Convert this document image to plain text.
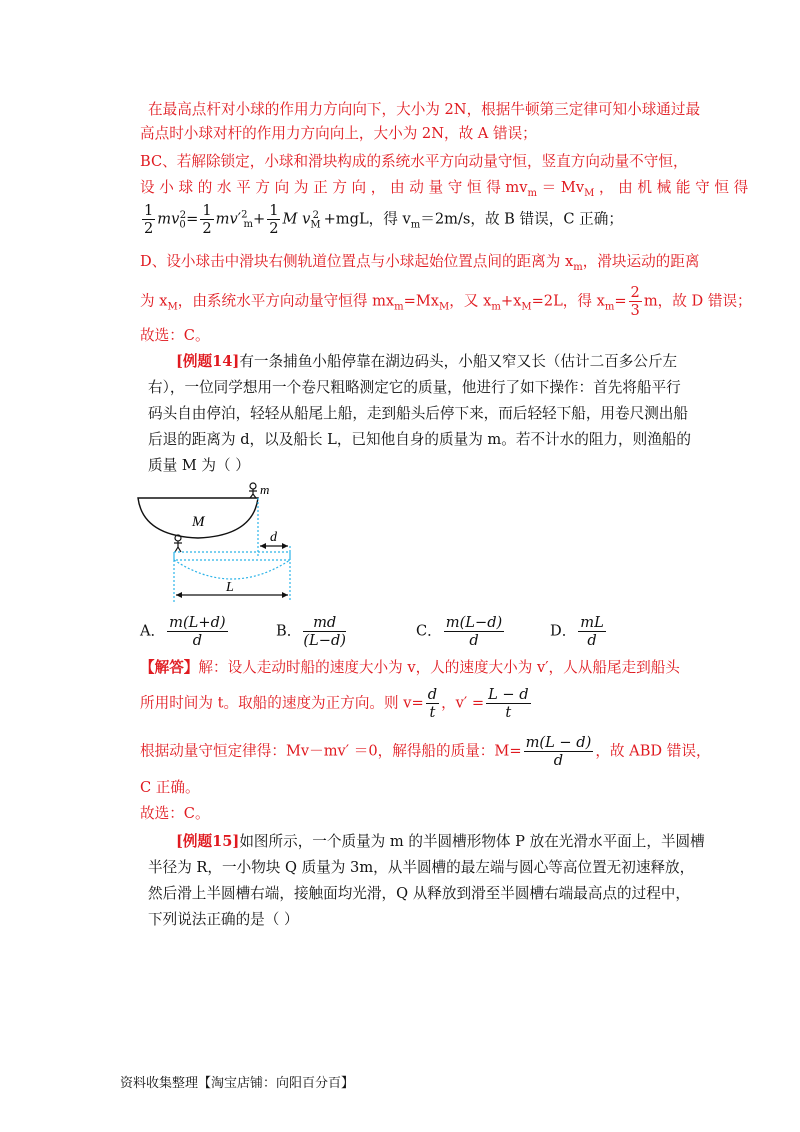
在最高点杆对小球的作用力方向向下，大小为 2N，根据牛顿第三定律可知小球通过最
高点时小球对杆的作用力方向向上，大小为 2N，故 A 错误；
BC、若解除锁定，小球和滑块构成的系统水平方向动量守恒，竖直方向动量不守恒，
设 小 球 的 水 平 方 向 为 正 方 向 ， 由 动 量 守 恒 得 $mv_m = Mv_M$ ， 由 机 械 能 守 恒 得
$\frac{1}{2} mv_0^2= \frac{1}{2} mv'^2_m+ \frac{1}{2}$ M $v_M^2 +mgL$，得 $v_m=2m/s$，故 B 错误，C 正确；
D、设小球击中滑块右侧轨道位置点与小球起始位置点间的距离为 $x_m$，滑块运动的距离
为 $x_M$，由系统水平方向动量守恒得 $mx_m=Mx_M$，又 $x_m+x_M=2L$，得 $x_m= \frac{2}{3}$ m，故 D 错误；
故选：C。
[例题14]有一条捕鱼小船停靠在湖边码头，小船又窄又长（估计二百多公斤左
右），一位同学想用一个卷尺粗略测定它的质量，他进行了如下操作：首先将船平行
码头自由停泊，轻轻从船尾上船，走到船头后停下来，而后轻轻下船，用卷尺测出船
后退的距离为 d，以及船长 L，已知他自身的质量为 m。若不计水的阻力，则渔船的
质量 M 为（ ）
M
m
d
L
A． $\frac{m(L+d)}{d}$	B． $\frac{md}{(L-d)}$	C． $\frac{m(L-d)}{d}$	D． $\frac{mL}{d}$
【解答】解：设人走动时船的速度大小为 v，人的速度大小为 v′，人从船尾走到船头
所用时间为 t。取船的速度为正方向。则 $v= \frac{d}{t}$ ，$v' = \frac{L - d}{t}$
根据动量守恒定律得：Mv－mv′ ＝0，解得船的质量：$M= \frac{m(L - d)}{d}$ ，故 ABD 错误，
C 正确。
故选：C。
[例题15]如图所示，一个质量为 m 的半圆槽形物体 P 放在光滑水平面上，半圆槽
半径为 R，一小物块 Q 质量为 3m，从半圆槽的最左端与圆心等高位置无初速释放，
然后滑上半圆槽右端，接触面均光滑，Q 从释放到滑至半圆槽右端最高点的过程中，
下列说法正确的是（ ）
资料收集整理【淘宝店铺：向阳百分百】
